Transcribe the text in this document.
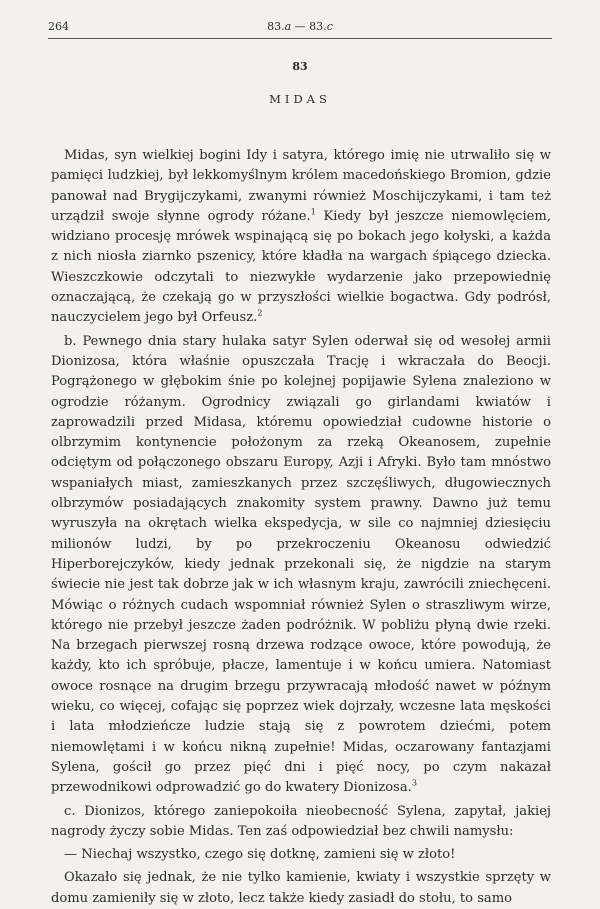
264	83.a — 83.c
83
MIDAS

Midas, syn wielkiej bogini Idy i satyra, którego imię nie utrwaliło się w pamięci ludzkiej, był lekkomyślnym królem macedońskiego Bromion, gdzie panował nad Brygijczykami, zwanymi również Moschijczykami, i tam też urządził swoje słynne ogrody różane.$^1$ Kiedy był jeszcze niemowlęciem, widziano procesję mrówek wspinającą się po bokach jego kołyski, a każda z nich niosła ziarnko pszenicy, które kładła na wargach śpiącego dziecka. Wieszczkowie odczytali to niezwykłe wydarzenie jako przepowiednię oznaczającą, że czekają go w przyszłości wielkie bogactwa. Gdy podrósł, nauczycielem jego był Orfeusz.$^2$

b. Pewnego dnia stary hulaka satyr Sylen oderwał się od wesołej armii Dionizosa, która właśnie opuszczała Trację i wkraczała do Beocji. Pogrążonego w głębokim śnie po kolejnej popijawie Sylena znaleziono w ogrodzie różanym. Ogrodnicy związali go girlandami kwiatów i zaprowadzili przed Midasa, któremu opowiedział cudowne historie o olbrzymim kontynencie położonym za rzeką Okeanosem, zupełnie odciętym od połączonego obszaru Europy, Azji i Afryki. Było tam mnóstwo wspaniałych miast, zamieszkanych przez szczęśliwych, długowiecznych olbrzymów posiadających znakomity system prawny. Dawno już temu wyruszyła na okrętach wielka ekspedycja, w sile co najmniej dziesięciu milionów ludzi, by po przekroczeniu Okeanosu odwiedzić Hiperborejczyków, kiedy jednak przekonali się, że nigdzie na starym świecie nie jest tak dobrze jak w ich własnym kraju, zawrócili zniechęceni. Mówiąc o różnych cudach wspomniał również Sylen o straszliwym wirze, którego nie przebył jeszcze żaden podróżnik. W pobliżu płyną dwie rzeki. Na brzegach pierwszej rosną drzewa rodzące owoce, które powodują, że każdy, kto ich spróbuje, płacze, lamentuje i w końcu umiera. Natomiast owoce rosnące na drugim brzegu przywracają młodość nawet w późnym wieku, co więcej, cofając się poprzez wiek dojrzały, wczesne lata męskości i lata młodzieńcze ludzie stają się z powrotem dziećmi, potem niemowlętami i w końcu nikną zupełnie! Midas, oczarowany fantazjami Sylena, gościł go przez pięć dni i pięć nocy, po czym nakazał przewodnikowi odprowadzić go do kwatery Dionizosa.$^3$

c. Dionizos, którego zaniepokoiła nieobecność Sylena, zapytał, jakiej nagrody życzy sobie Midas. Ten zaś odpowiedział bez chwili namysłu:

— Niechaj wszystko, czego się dotknę, zamieni się w złoto!

Okazało się jednak, że nie tylko kamienie, kwiaty i wszystkie sprzęty w domu zamieniły się w złoto, lecz także kiedy zasiadł do stołu, to samo
